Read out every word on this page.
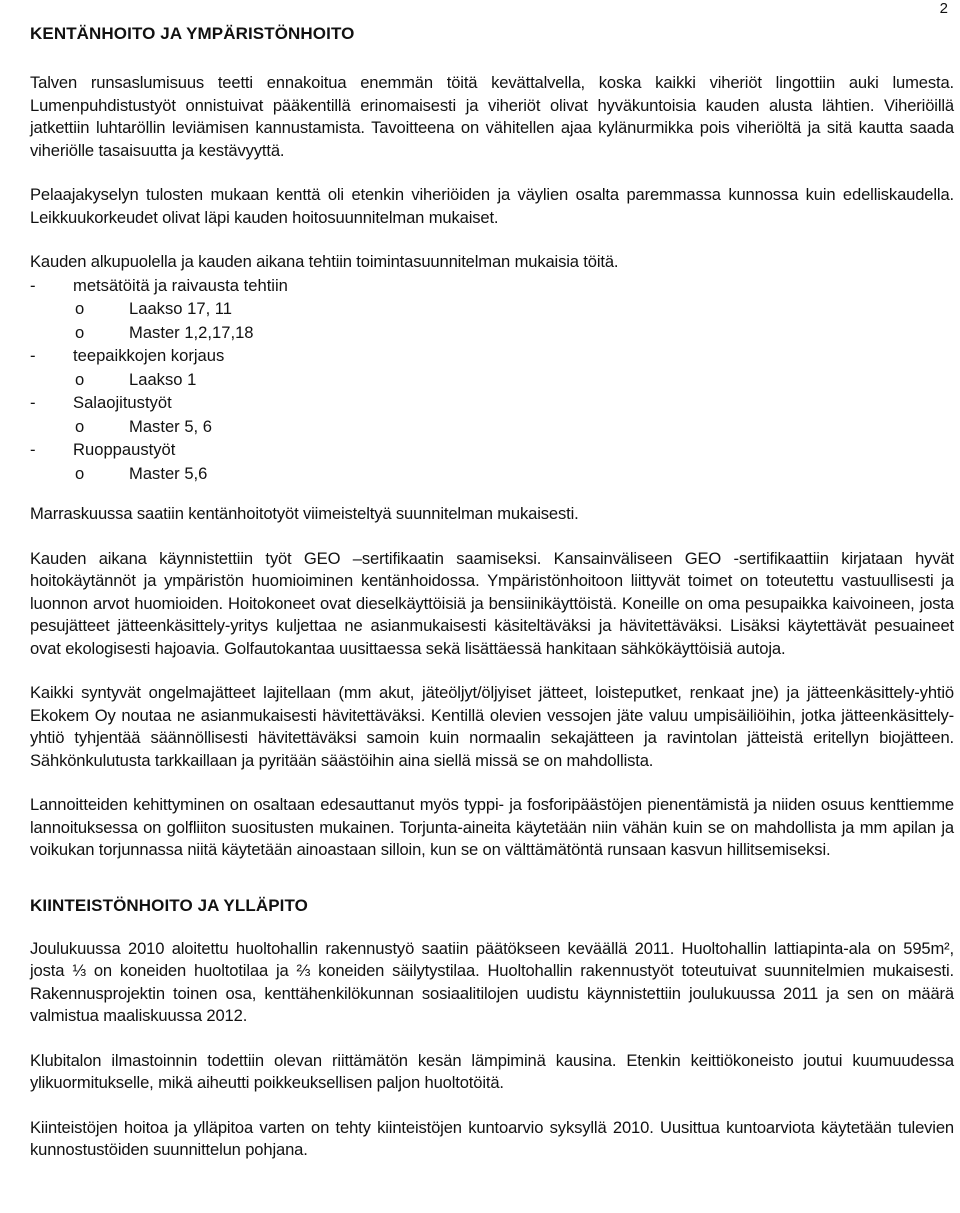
2
KENTÄNHOITO JA YMPÄRISTÖNHOITO

Talven runsaslumisuus teetti ennakoitua enemmän töitä kevättalvella, koska kaikki viheriöt lingottiin auki lumesta. Lumenpuhdistustyöt onnistuivat pääkentillä erinomaisesti ja viheriöt olivat hyväkuntoisia kauden alusta lähtien. Viheriöillä jatkettiin luhtaröllin leviämisen kannustamista. Tavoitteena on vähitellen ajaa kylänurmikka pois viheriöltä ja sitä kautta saada viheriölle tasaisuutta ja kestävyyttä.

Pelaajakyselyn tulosten mukaan kenttä oli etenkin viheriöiden ja väylien osalta paremmassa kunnossa kuin edelliskaudella. Leikkuukorkeudet olivat läpi kauden hoitosuunnitelman mukaiset.

Kauden alkupuolella ja kauden aikana tehtiin toimintasuunnitelman mukaisia töitä.

- metsätöitä ja raivausta tehtiin
o	Laakso 17, 11
o	Master 1,2,17,18
- teepaikkojen korjaus
o	Laakso 1
- Salaojitustyöt
o	Master 5, 6
- Ruoppaustyöt
o	Master 5,6

Marraskuussa saatiin kentänhoitotyöt viimeisteltyä suunnitelman mukaisesti.

Kauden aikana käynnistettiin työt GEO –sertifikaatin saamiseksi. Kansainväliseen GEO -sertifikaattiin kirjataan hyvät hoitokäytännöt ja ympäristön huomioiminen kentänhoidossa. Ympäristönhoitoon liittyvät toimet on toteutettu vastuullisesti ja luonnon arvot huomioiden. Hoitokoneet ovat dieselkäyttöisiä ja bensiinikäyttöistä. Koneille on oma pesupaikka kaivoineen, josta pesujätteet jätteenkäsittely-yritys kuljettaa ne asianmukaisesti käsiteltäväksi ja hävitettäväksi. Lisäksi käytettävät pesuaineet ovat ekologisesti hajoavia. Golfautokantaa uusittaessa sekä lisättäessä hankitaan sähkökäyttöisiä autoja.

Kaikki syntyvät ongelmajätteet lajitellaan (mm akut, jäteöljyt/öljyiset jätteet, loisteputket, renkaat jne) ja jätteenkäsittely-yhtiö Ekokem Oy noutaa ne asianmukaisesti hävitettäväksi. Kentillä olevien vessojen jäte valuu umpisäiliöihin, jotka jätteenkäsittely-yhtiö tyhjentää säännöllisesti hävitettäväksi samoin kuin normaalin sekajätteen ja ravintolan jätteistä eritellyn biojätteen. Sähkönkulutusta tarkkaillaan ja pyritään säästöihin aina siellä missä se on mahdollista.

Lannoitteiden kehittyminen on osaltaan edesauttanut myös typpi- ja fosforipäästöjen pienentämistä ja niiden osuus kenttiemme lannoituksessa on golfliiton suositusten mukainen. Torjunta-aineita käytetään niin vähän kuin se on mahdollista ja mm apilan ja voikukan torjunnassa niitä käytetään ainoastaan silloin, kun se on välttämätöntä runsaan kasvun hillitsemiseksi.

KIINTEISTÖNHOITO JA YLLÄPITO

Joulukuussa 2010 aloitettu huoltohallin rakennustyö saatiin päätökseen keväällä 2011. Huoltohallin lattiapinta-ala on 595m², josta ⅓ on koneiden huoltotilaa ja ⅔ koneiden säilytystilaa. Huoltohallin rakennustyöt toteutuivat suunnitelmien mukaisesti. Rakennusprojektin toinen osa, kenttähenkilökunnan sosiaalitilojen uudistu käynnistettiin joulukuussa 2011 ja sen on määrä valmistua maaliskuussa 2012.

Klubitalon ilmastoinnin todettiin olevan riittämätön kesän lämpiminä kausina. Etenkin keittiökoneisto joutui kuumuudessa ylikuormitukselle, mikä aiheutti poikkeuksellisen paljon huoltotöitä.

Kiinteistöjen hoitoa ja ylläpitoa varten on tehty kiinteistöjen kuntoarvio syksyllä 2010. Uusittua kuntoarviota käytetään tulevien kunnostustöiden suunnittelun pohjana.
